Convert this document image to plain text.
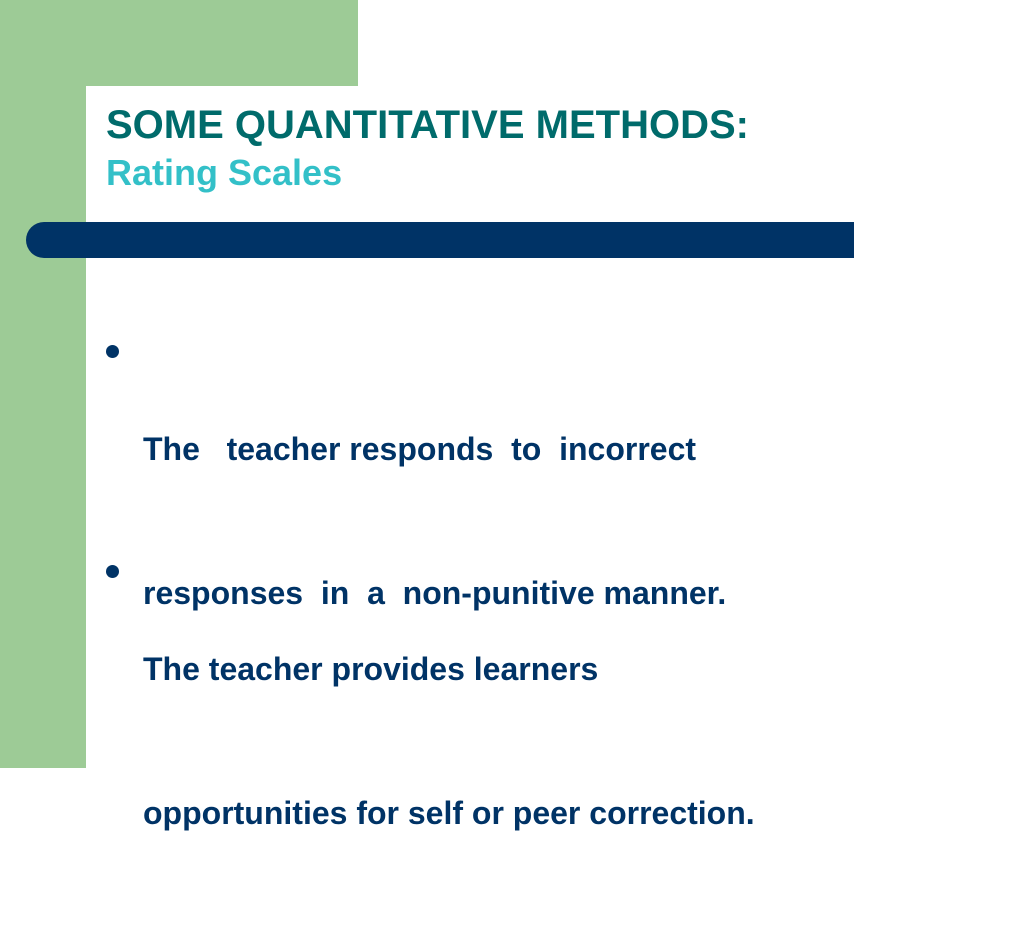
SOME QUANTITATIVE METHODS:
Rating Scales

The   teacher responds  to  incorrect

responses  in  a  non-punitive manner.

The teacher provides learners

opportunities for self or peer correction.
